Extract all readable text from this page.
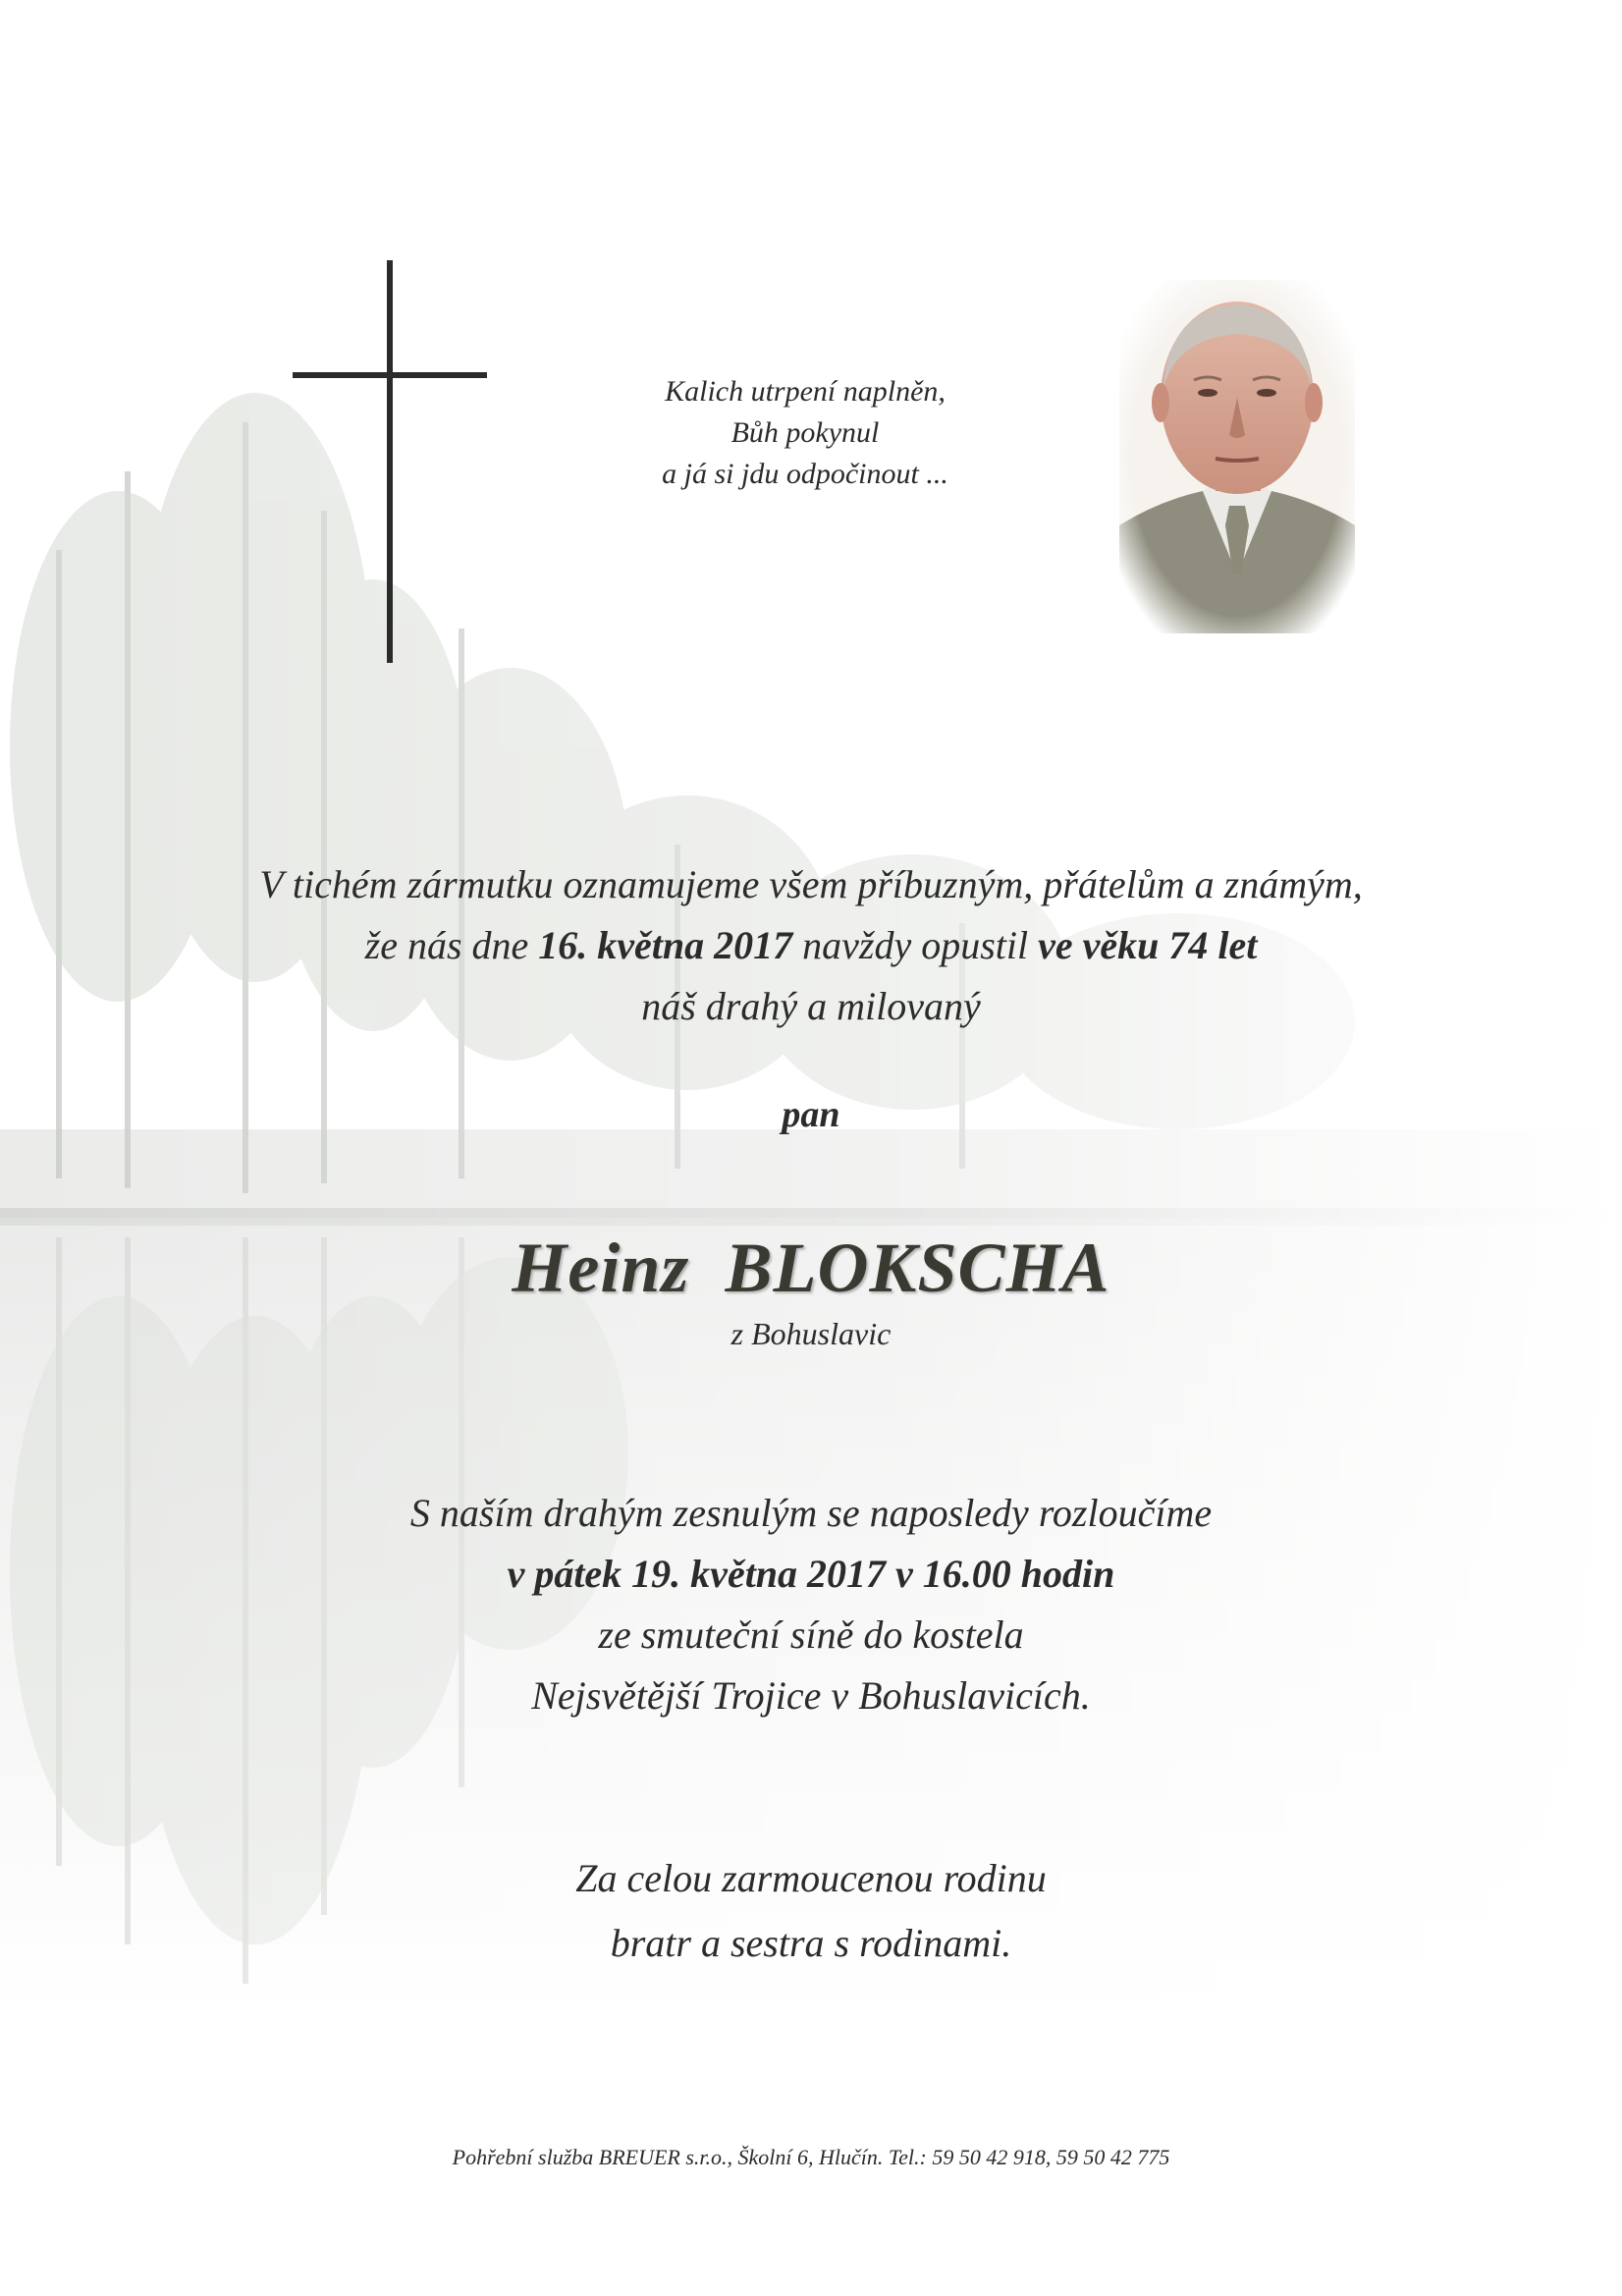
Kalich utrpení naplněn,
Bůh pokynul
a já si jdu odpočinout ...
V tichém zármutku oznamujeme všem příbuzným, přátelům a známým,
že nás dne 16. května 2017 navždy opustil ve věku 74 let
náš drahý a milovaný
pan
Heinz BLOKSCHA
z Bohuslavic
S naším drahým zesnulým se naposledy rozloučíme
v pátek 19. května 2017 v 16.00 hodin
ze smuteční síně do kostela
Nejsvětější Trojice v Bohuslavicích.
Za celou zarmoucenou rodinu
bratr a sestra s rodinami.
Pohřební služba BREUER s.r.o., Školní 6, Hlučín. Tel.: 59 50 42 918, 59 50 42 775
